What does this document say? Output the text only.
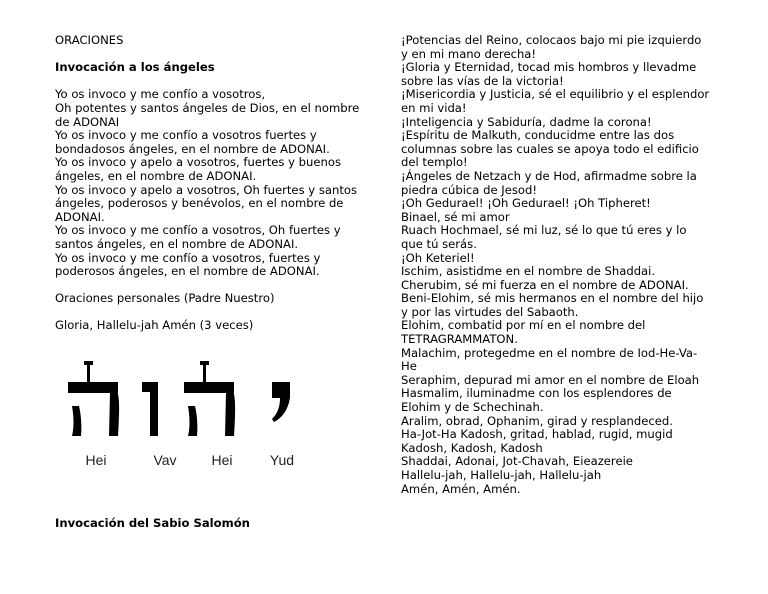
ORACIONES

Invocación a los ángeles

Yo os invoco y me confío a vosotros,

Oh potentes y santos ángeles de Dios, en el nombre

de ADONAI

Yo os invoco y me confío a vosotros fuertes y

bondadosos ángeles, en el nombre de ADONAI.

Yo os invoco y apelo a vosotros, fuertes y buenos

ángeles, en el nombre de ADONAI.

Yo os invoco y apelo a vosotros, Oh fuertes y santos

ángeles, poderosos y benévolos, en el nombre de

ADONAI.

Yo os invoco y me confío a vosotros, Oh fuertes y

santos ángeles, en el nombre de ADONAI.

Yo os invoco y me confío a vosotros, fuertes y

poderosos ángeles, en el nombre de ADONAI.

Oraciones personales (Padre Nuestro)

Gloria, Hallelu-jah Amén (3 veces)

Hei	Vav Hei	Yud

Invocación del Sabio Salomón

¡Potencias del Reino, colocaos bajo mi pie izquierdo

y en mi mano derecha!

¡Gloria y Eternidad, tocad mis hombros y llevadme

sobre las vías de la victoria!

¡Misericordia y Justicia, sé el equilibrio y el esplendor

en mi vida!

¡Inteligencia y Sabiduría, dadme la corona!

¡Espíritu de Malkuth, conducidme entre las dos

columnas sobre las cuales se apoya todo el edificio

del templo!

¡Ángeles de Netzach y de Hod, afirmadme sobre la

piedra cúbica de Jesod!

¡Oh Gedurael! ¡Oh Gedurael! ¡Oh Tipheret!

Binael, sé mi amor

Ruach Hochmael, sé mi luz, sé lo que tú eres y lo

que tú serás.

¡Oh Keteriel!

Ischim, asistidme en el nombre de Shaddai.

Cherubim, sé mi fuerza en el nombre de ADONAI.

Beni-Elohim, sé mis hermanos en el nombre del hijo

y por las virtudes del Sabaoth.

Elohim, combatid por mí en el nombre del

TETRAGRAMMATON.

Malachim, protegedme en el nombre de Iod-He-Va-

He

Seraphim, depurad mi amor en el nombre de Eloah

Hasmalim, iluminadme con los esplendores de

Elohim y de Schechinah.

Aralim, obrad, Ophanim, girad y resplandeced.

Ha-Jot-Ha Kadosh, gritad, hablad, rugid, mugid

Kadosh, Kadosh, Kadosh

Shaddai, Adonai, Jot-Chavah, Eieazereie

Hallelu-jah, Hallelu-jah, Hallelu-jah

Amén, Amén, Amén.
